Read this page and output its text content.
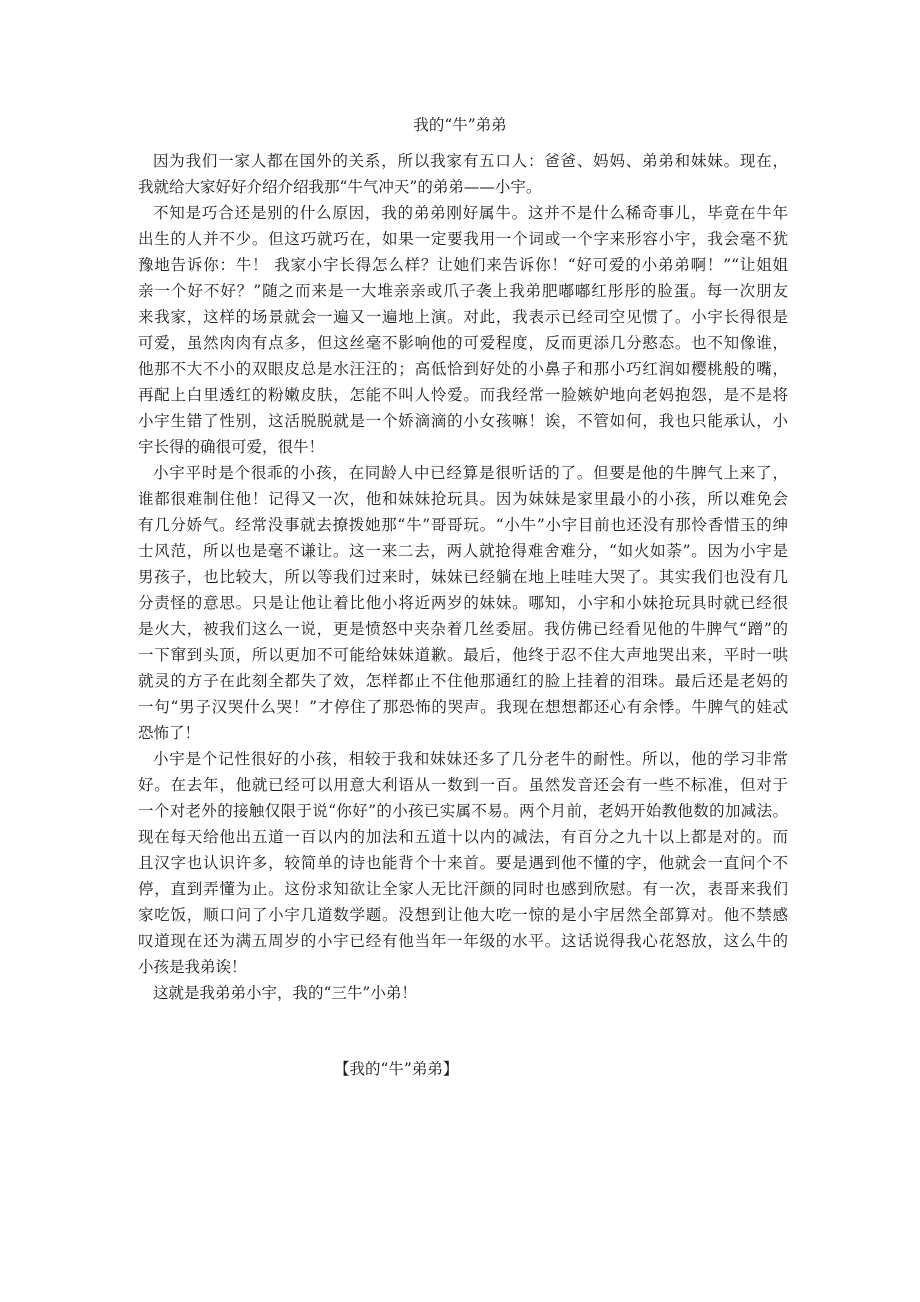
我的“牛”弟弟
因为我们一家人都在国外的关系，所以我家有五口人：爸爸、妈妈、弟弟和妹妹。现在，
我就给大家好好介绍介绍我那“牛气冲天”的弟弟——小宇。
不知是巧合还是别的什么原因，我的弟弟刚好属牛。这并不是什么稀奇事儿，毕竟在牛年
出生的人并不少。但这巧就巧在，如果一定要我用一个词或一个字来形容小宇，我会毫不犹
豫地告诉你：牛！ 我家小宇长得怎么样？让她们来告诉你！“好可爱的小弟弟啊！”“让姐姐
亲一个好不好？”随之而来是一大堆亲亲或爪子袭上我弟肥嘟嘟红彤彤的脸蛋。每一次朋友
来我家，这样的场景就会一遍又一遍地上演。对此，我表示已经司空见惯了。小宇长得很是
可爱，虽然肉肉有点多，但这丝毫不影响他的可爱程度，反而更添几分憨态。也不知像谁，
他那不大不小的双眼皮总是水汪汪的；高低恰到好处的小鼻子和那小巧红润如樱桃般的嘴，
再配上白里透红的粉嫩皮肤，怎能不叫人怜爱。而我经常一脸嫉妒地向老妈抱怨，是不是将
小宇生错了性别，这活脱脱就是一个娇滴滴的小女孩嘛！诶，不管如何，我也只能承认，小
宇长得的确很可爱，很牛！
小宇平时是个很乖的小孩，在同龄人中已经算是很听话的了。但要是他的牛脾气上来了，
谁都很难制住他！记得又一次，他和妹妹抢玩具。因为妹妹是家里最小的小孩，所以难免会
有几分娇气。经常没事就去撩拨她那“牛”哥哥玩。“小牛”小宇目前也还没有那怜香惜玉的绅
士风范，所以也是毫不谦让。这一来二去，两人就抢得难舍难分，“如火如荼”。因为小宇是
男孩子，也比较大，所以等我们过来时，妹妹已经躺在地上哇哇大哭了。其实我们也没有几
分责怪的意思。只是让他让着比他小将近两岁的妹妹。哪知，小宇和小妹抢玩具时就已经很
是火大，被我们这么一说，更是愤怒中夹杂着几丝委屈。我仿佛已经看见他的牛脾气“蹭”的
一下窜到头顶，所以更加不可能给妹妹道歉。最后，他终于忍不住大声地哭出来，平时一哄
就灵的方子在此刻全都失了效，怎样都止不住他那通红的脸上挂着的泪珠。最后还是老妈的
一句“男子汉哭什么哭！”才停住了那恐怖的哭声。我现在想想都还心有余悸。牛脾气的娃忒
恐怖了！
小宇是个记性很好的小孩，相较于我和妹妹还多了几分老牛的耐性。所以，他的学习非常
好。在去年，他就已经可以用意大利语从一数到一百。虽然发音还会有一些不标准，但对于
一个对老外的接触仅限于说“你好”的小孩已实属不易。两个月前，老妈开始教他数的加减法。
现在每天给他出五道一百以内的加法和五道十以内的减法，有百分之九十以上都是对的。而
且汉字也认识许多，较简单的诗也能背个十来首。要是遇到他不懂的字，他就会一直问个不
停，直到弄懂为止。这份求知欲让全家人无比汗颜的同时也感到欣慰。有一次，表哥来我们
家吃饭，顺口问了小宇几道数学题。没想到让他大吃一惊的是小宇居然全部算对。他不禁感
叹道现在还为满五周岁的小宇已经有他当年一年级的水平。这话说得我心花怒放，这么牛的
小孩是我弟诶！
这就是我弟弟小宇，我的“三牛”小弟！
【我的“牛”弟弟】
